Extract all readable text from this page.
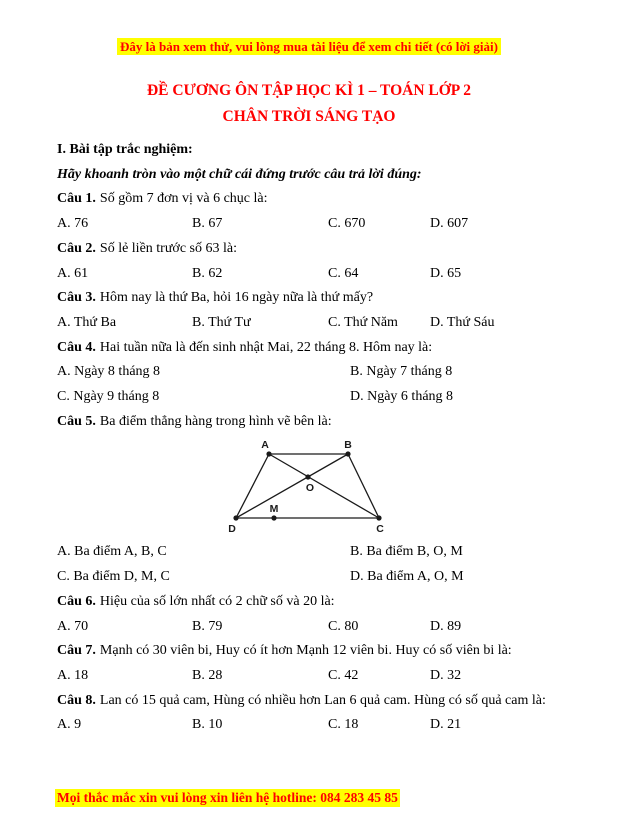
Đây là bản xem thử, vui lòng mua tài liệu để xem chi tiết (có lời giải)
ĐỀ CƯƠNG ÔN TẬP HỌC KÌ 1 – TOÁN LỚP 2
CHÂN TRỜI SÁNG TẠO

I. Bài tập trắc nghiệm:

Hãy khoanh tròn vào một chữ cái đứng trước câu trả lời đúng:

Câu 1. Số gồm 7 đơn vị và 6 chục là:

A. 76	B. 67	C. 670	D. 607

Câu 2. Số lẻ liền trước số 63 là:

A. 61	B. 62	C. 64	D. 65

Câu 3. Hôm nay là thứ Ba, hỏi 16 ngày nữa là thứ mấy?

A. Thứ Ba	B. Thứ Tư	C. Thứ Năm	D. Thứ Sáu

Câu 4. Hai tuần nữa là đến sinh nhật Mai, 22 tháng 8. Hôm nay là:

A. Ngày 8 tháng 8	B. Ngày 7 tháng 8

C. Ngày 9 tháng 8	D. Ngày 6 tháng 8

Câu 5. Ba điểm thẳng hàng trong hình vẽ bên là:

A	B
O
M
D	C

A. Ba điểm A, B, C	B. Ba điểm B, O, M

C. Ba điểm D, M, C	D. Ba điểm A, O, M

Câu 6. Hiệu của số lớn nhất có 2 chữ số và 20 là:

A. 70	B. 79	C. 80	D. 89

Câu 7. Mạnh có 30 viên bi, Huy có ít hơn Mạnh 12 viên bi. Huy có số viên bi là:

A. 18	B. 28	C. 42	D. 32

Câu 8. Lan có 15 quả cam, Hùng có nhiều hơn Lan 6 quả cam. Hùng có số quả cam là:

A. 9	B. 10	C. 18	D. 21

Mọi thắc mắc xin vui lòng xin liên hệ hotline: 084 283 45 85
